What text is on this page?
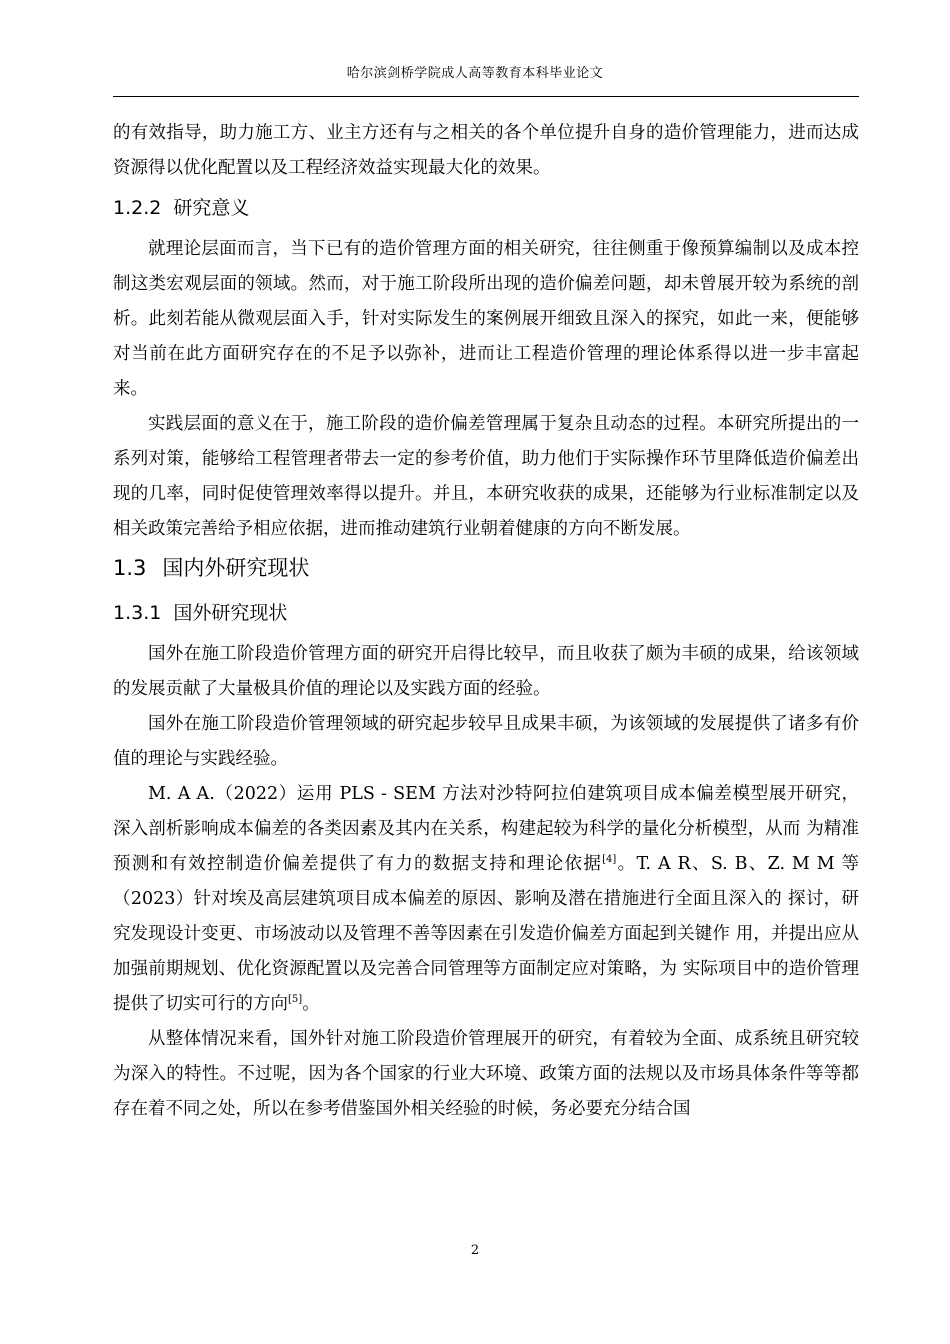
哈尔滨剑桥学院成人高等教育本科毕业论文

的有效指导，助力施工方、业主方还有与之相关的各个单位提升自身的造价管理能力，进而达成资源得以优化配置以及工程经济效益实现最大化的效果。

1.2.2 研究意义

就理论层面而言，当下已有的造价管理方面的相关研究，往往侧重于像预算编制以及成本控制这类宏观层面的领域。然而，对于施工阶段所出现的造价偏差问题，却未曾展开较为系统的剖析。此刻若能从微观层面入手，针对实际发生的案例展开细致且深入的探究，如此一来，便能够对当前在此方面研究存在的不足予以弥补，进而让工程造价管理的理论体系得以进一步丰富起来。

实践层面的意义在于，施工阶段的造价偏差管理属于复杂且动态的过程。本研究所提出的一系列对策，能够给工程管理者带去一定的参考价值，助力他们于实际操作环节里降低造价偏差出现的几率，同时促使管理效率得以提升。并且，本研究收获的成果，还能够为行业标准制定以及相关政策完善给予相应依据，进而推动建筑行业朝着健康的方向不断发展。

1.3 国内外研究现状
1.3.1 国外研究现状

国外在施工阶段造价管理方面的研究开启得比较早，而且收获了颇为丰硕的成果，给该领域的发展贡献了大量极具价值的理论以及实践方面的经验。

国外在施工阶段造价管理领域的研究起步较早且成果丰硕，为该领域的发展提供了诸多有价值的理论与实践经验。

M. A A.（2022）运用 PLS - SEM 方法对沙特阿拉伯建筑项目成本偏差模型展开研究， 深入剖析影响成本偏差的各类因素及其内在关系，构建起较为科学的量化分析模型，从而 为精准预测和有效控制造价偏差提供了有力的数据支持和理论依据[4]。T. A R、S. B、Z. M M 等（2023）针对埃及高层建筑项目成本偏差的原因、影响及潜在措施进行全面且深入的 探讨，研究发现设计变更、市场波动以及管理不善等因素在引发造价偏差方面起到关键作 用，并提出应从加强前期规划、优化资源配置以及完善合同管理等方面制定应对策略，为 实际项目中的造价管理提供了切实可行的方向[5]。

从整体情况来看，国外针对施工阶段造价管理展开的研究，有着较为全面、成系统且研究较为深入的特性。不过呢，因为各个国家的行业大环境、政策方面的法规以及市场具体条件等等都存在着不同之处，所以在参考借鉴国外相关经验的时候，务必要充分结合国

2
